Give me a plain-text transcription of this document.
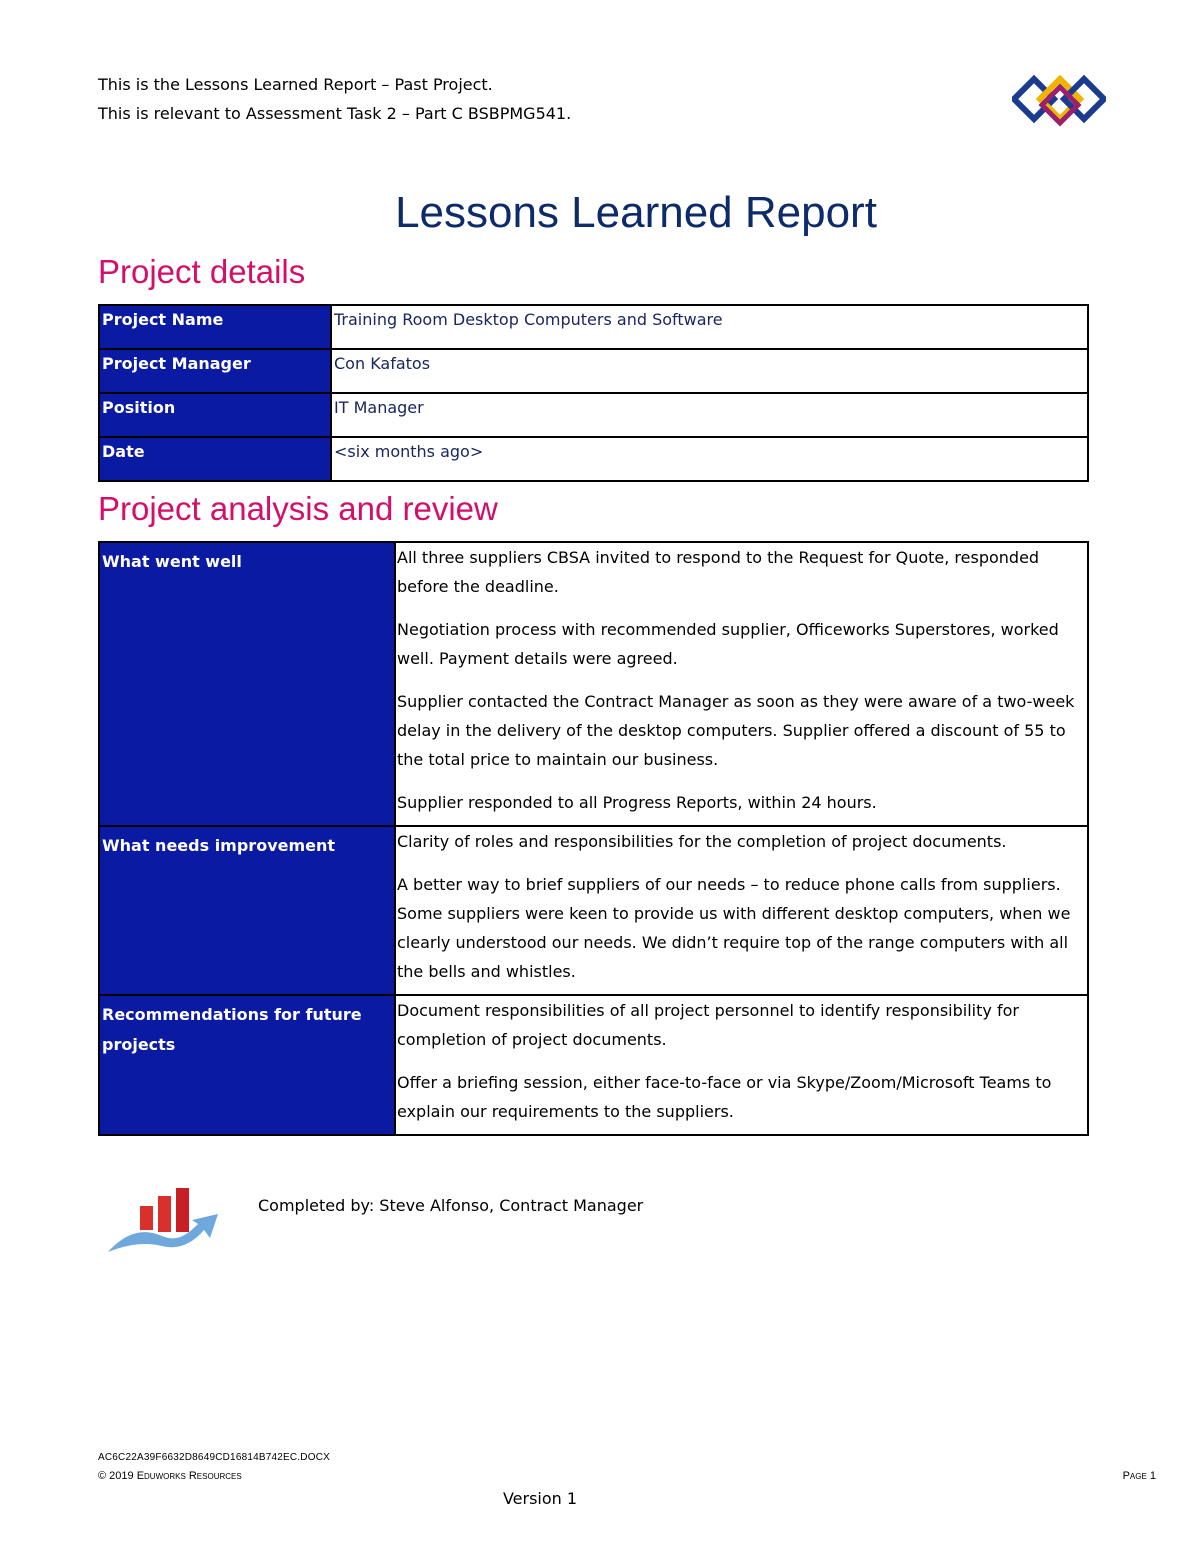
This is the Lessons Learned Report – Past Project.
This is relevant to Assessment Task 2 – Part C BSBPMG541.
Lessons Learned Report
Project details
Project Name	Training Room Desktop Computers and Software
Project Manager	Con Kafatos
Position	IT Manager
Date	<six months ago>
Project analysis and review
What went well	All three suppliers CBSA invited to respond to the Request for Quote, responded before the deadline.

Negotiation process with recommended supplier, Officeworks Superstores, worked well. Payment details were agreed.

Supplier contacted the Contract Manager as soon as they were aware of a two-week delay in the delivery of the desktop computers. Supplier offered a discount of 55 to the total price to maintain our business.

Supplier responded to all Progress Reports, within 24 hours.

What needs improvement	Clarity of roles and responsibilities for the completion of project documents.

A better way to brief suppliers of our needs – to reduce phone calls from suppliers. Some suppliers were keen to provide us with different desktop computers, when we clearly understood our needs. We didn’t require top of the range computers with all the bells and whistles.

Recommendations for future projects	Document responsibilities of all project personnel to identify responsibility for completion of project documents.

Offer a briefing session, either face-to-face or via Skype/Zoom/Microsoft Teams to explain our requirements to the suppliers.

Completed by: Steve Alfonso, Contract Manager
AC6C22A39F6632D8649CD16814B742EC.DOCX
© 2019 Eduworks Resources	Page 1
Version 1
